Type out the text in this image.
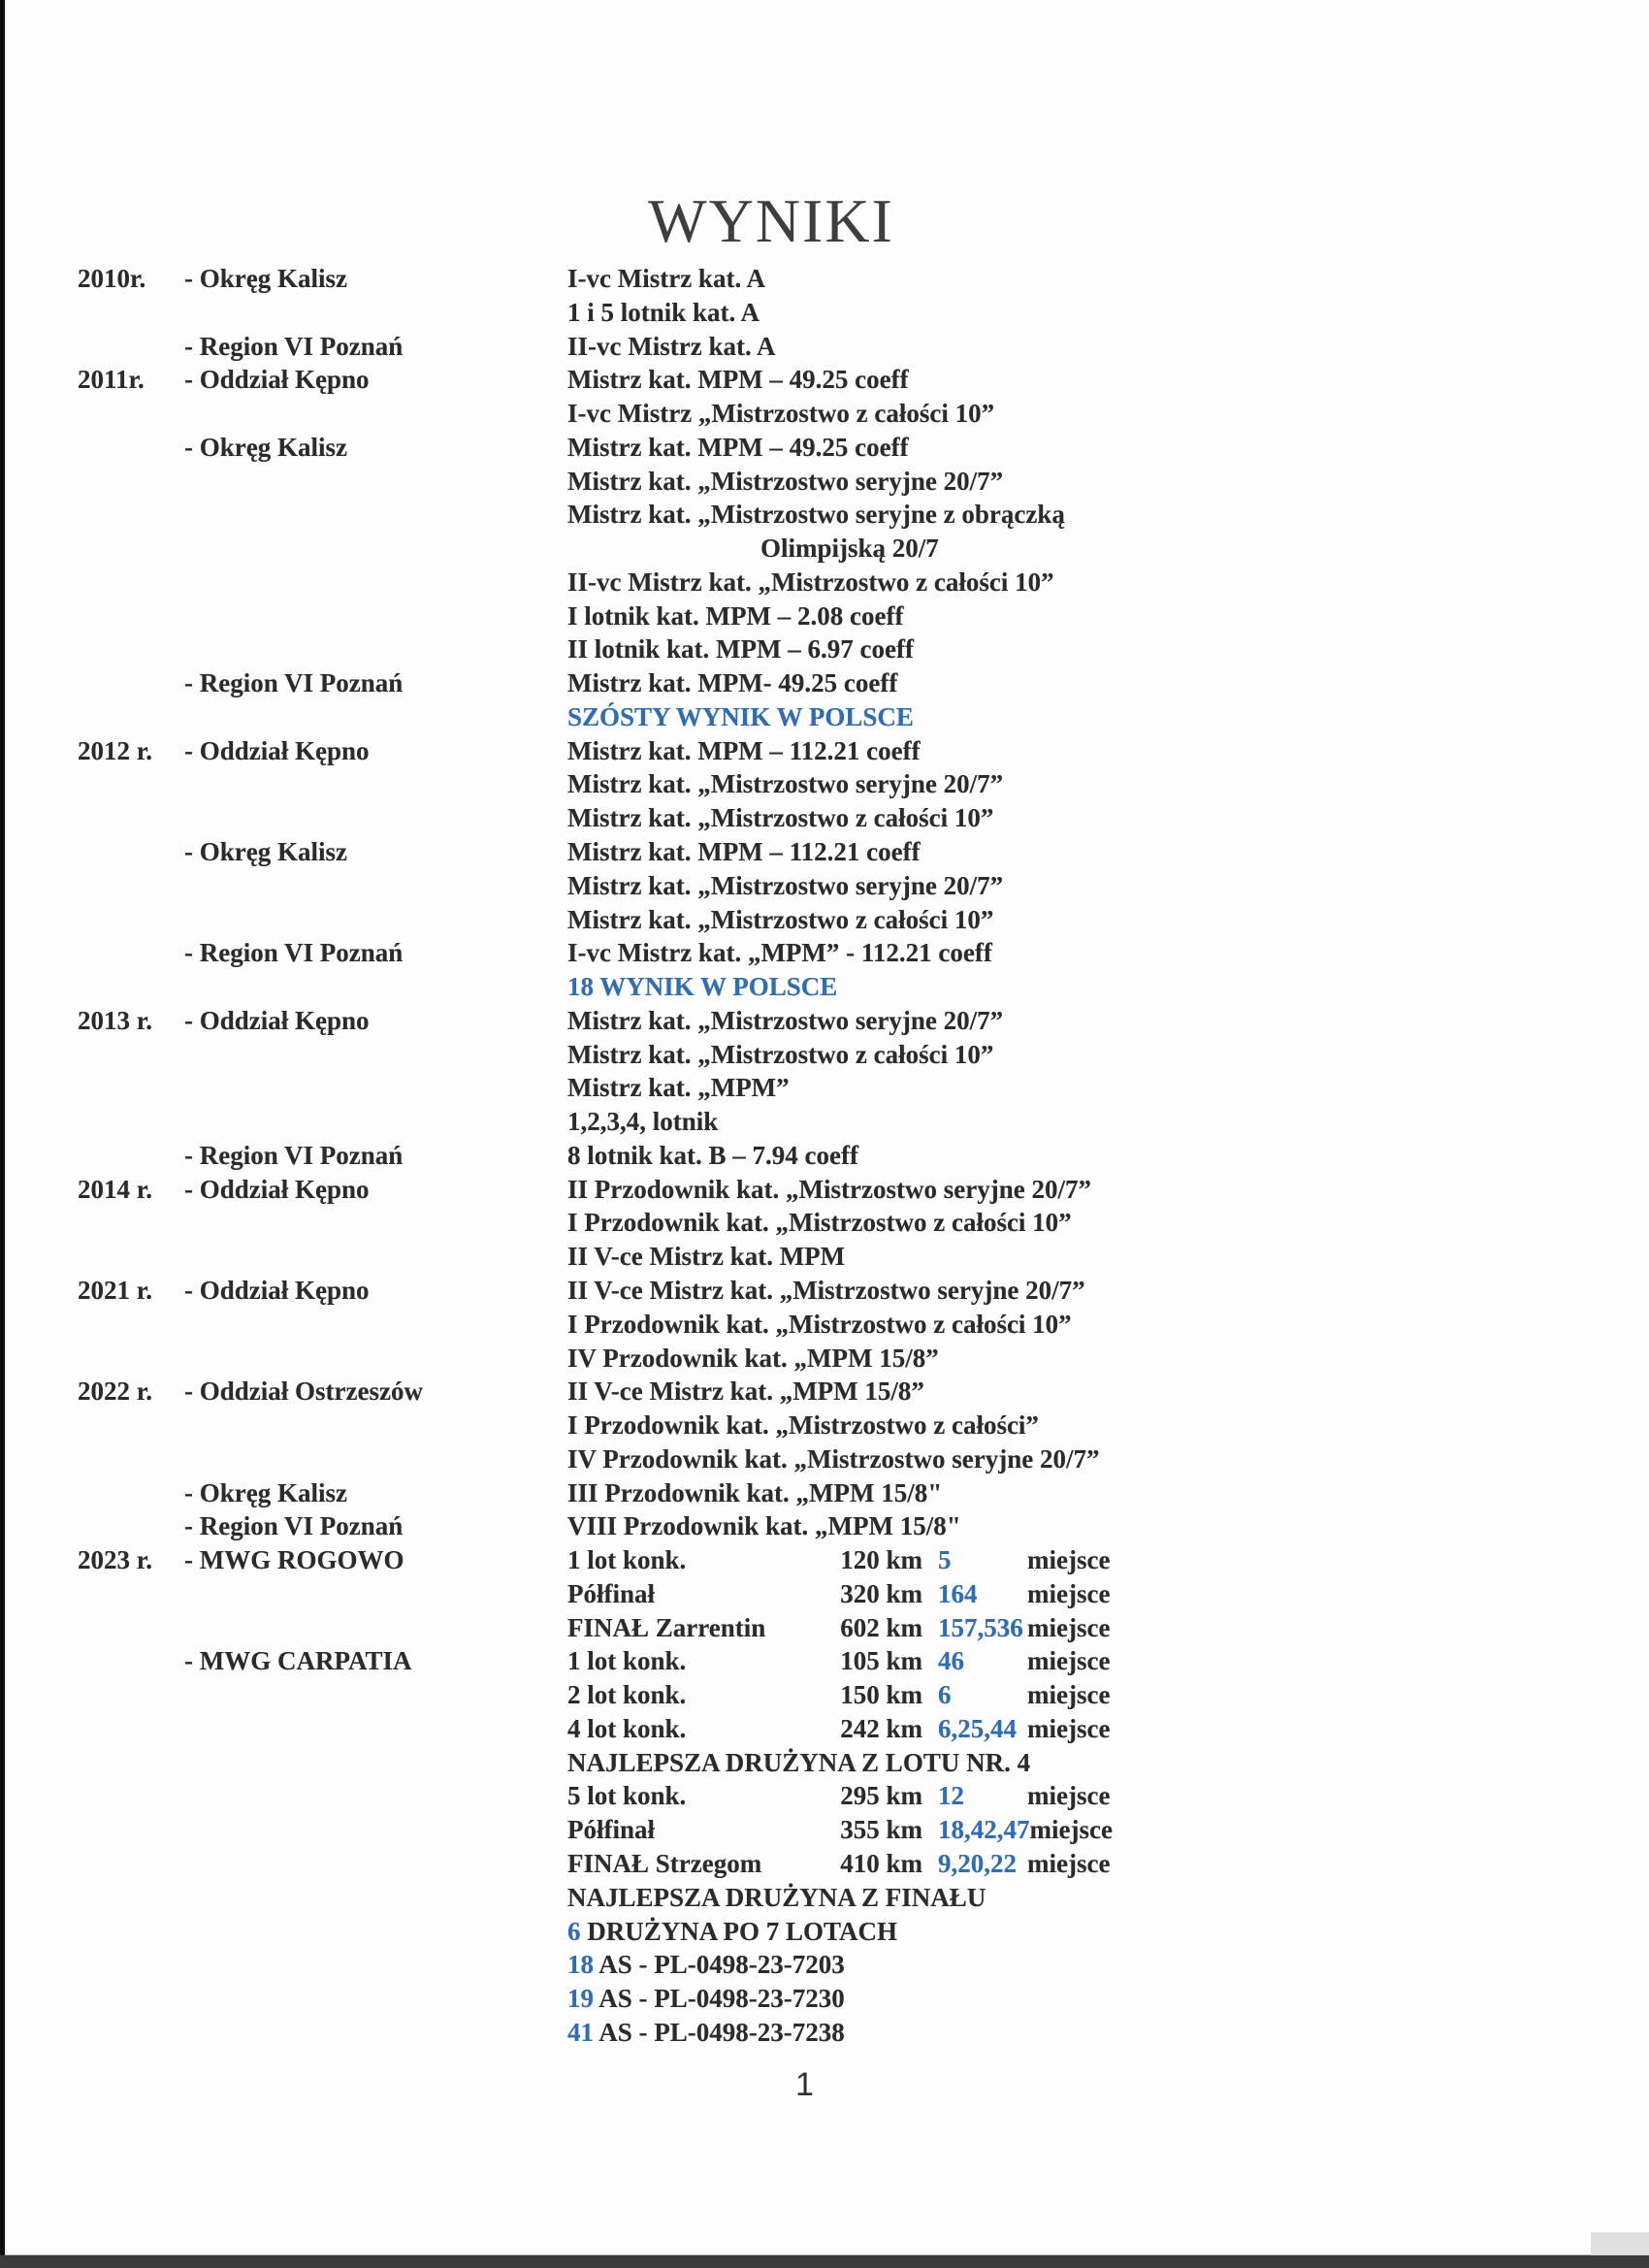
WYNIKI
2010r. - Okręg Kalisz	I-vc Mistrz kat. A
1 i 5 lotnik kat. A
- Region VI Poznań	II-vc Mistrz kat. A
2011r. - Oddział Kępno	Mistrz kat. MPM – 49.25 coeff
I-vc Mistrz „Mistrzostwo z całości 10”
- Okręg Kalisz	Mistrz kat. MPM – 49.25 coeff
Mistrz kat. „Mistrzostwo seryjne 20/7”
Mistrz kat. „Mistrzostwo seryjne z obrączką
Olimpijską 20/7
II-vc Mistrz kat. „Mistrzostwo z całości 10”
I lotnik kat. MPM – 2.08 coeff
II lotnik kat. MPM – 6.97 coeff
- Region VI Poznań	Mistrz kat. MPM- 49.25 coeff
SZÓSTY WYNIK W POLSCE
2012 r. - Oddział Kępno	Mistrz kat. MPM – 112.21 coeff
Mistrz kat. „Mistrzostwo seryjne 20/7”
Mistrz kat. „Mistrzostwo z całości 10”
- Okręg Kalisz	Mistrz kat. MPM – 112.21 coeff
Mistrz kat. „Mistrzostwo seryjne 20/7”
Mistrz kat. „Mistrzostwo z całości 10”
- Region VI Poznań	I-vc Mistrz kat. „MPM” - 112.21 coeff
18 WYNIK W POLSCE
2013 r. - Oddział Kępno	Mistrz kat. „Mistrzostwo seryjne 20/7”
Mistrz kat. „Mistrzostwo z całości 10”
Mistrz kat. „MPM”
1,2,3,4, lotnik
- Region VI Poznań	8 lotnik kat. B – 7.94 coeff
2014 r. - Oddział Kępno	II Przodownik kat. „Mistrzostwo seryjne 20/7”
I Przodownik kat. „Mistrzostwo z całości 10”
II V-ce Mistrz kat. MPM
2021 r. - Oddział Kępno	II V-ce Mistrz kat. „Mistrzostwo seryjne 20/7”
I Przodownik kat. „Mistrzostwo z całości 10”
IV Przodownik kat. „MPM 15/8”
2022 r. - Oddział Ostrzeszów	II V-ce Mistrz kat. „MPM 15/8”
I Przodownik kat. „Mistrzostwo z całości”
IV Przodownik kat. „Mistrzostwo seryjne 20/7”
- Okręg Kalisz	III Przodownik kat. „MPM 15/8"
- Region VI Poznań	VIII Przodownik kat. „MPM 15/8"
2023 r. - MWG ROGOWO	1 lot konk.	120 km 5	miejsce
Półfinał	320 km 164	miejsce
FINAŁ Zarrentin	602 km 157,536 miejsce
- MWG CARPATIA	1 lot konk.	105 km 46	miejsce
2 lot konk.	150 km 6	miejsce
4 lot konk.	242 km 6,25,44 miejsce
NAJLEPSZA DRUŻYNA Z LOTU NR. 4
5 lot konk.	295 km 12	miejsce
Półfinał	355 km 18,42,47 miejsce
FINAŁ Strzegom	410 km 9,20,22 miejsce
NAJLEPSZA DRUŻYNA Z FINAŁU
6 DRUŻYNA PO 7 LOTACH
18 AS - PL-0498-23-7203
19 AS - PL-0498-23-7230
41 AS - PL-0498-23-7238
1
